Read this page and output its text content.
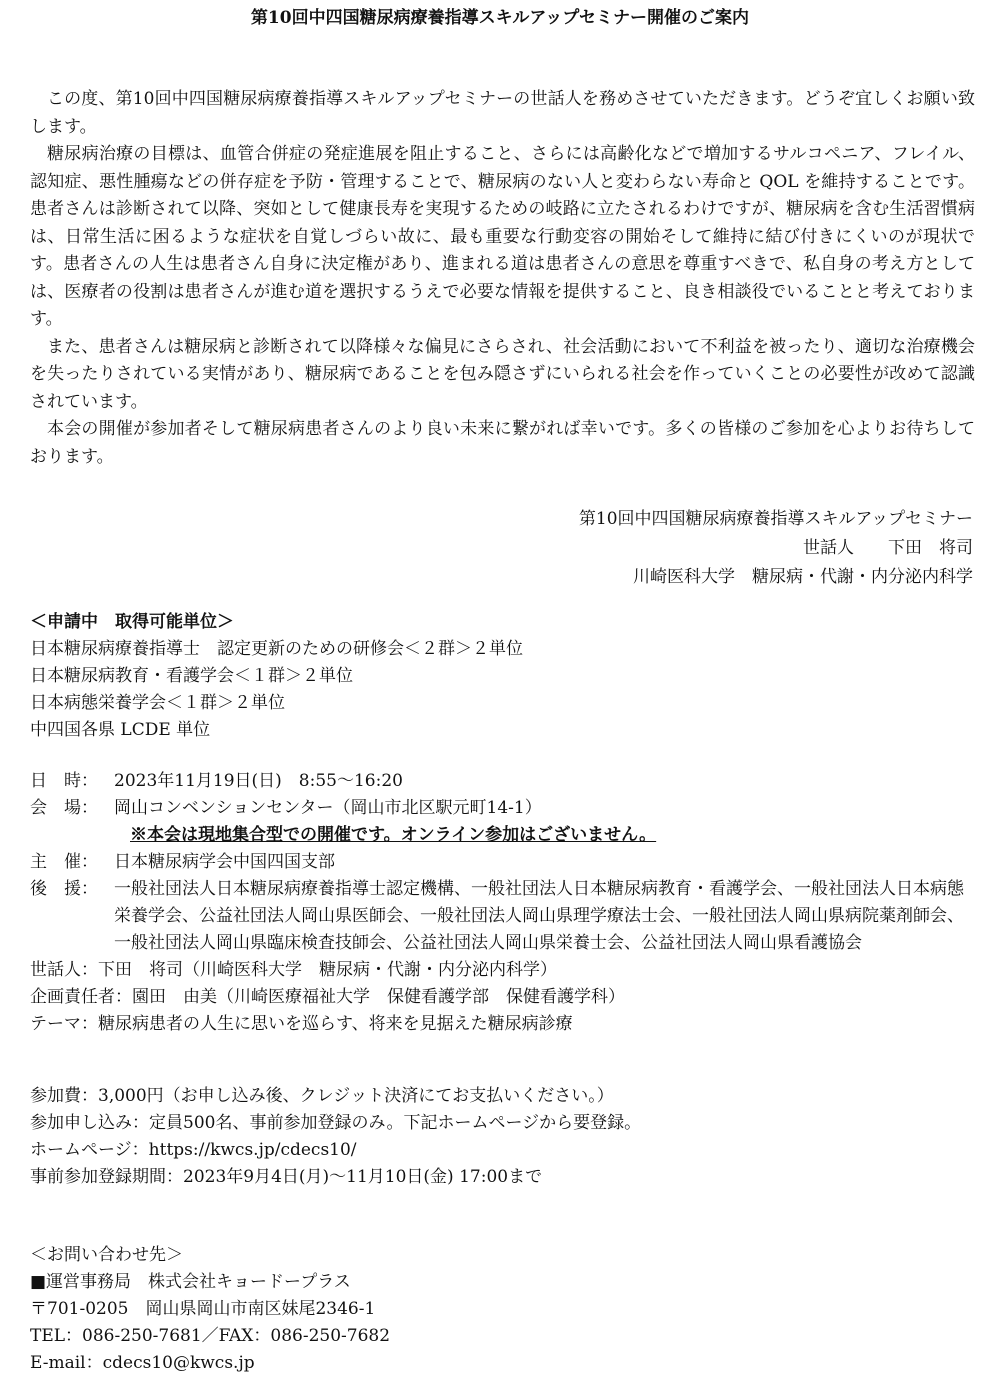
第10回中四国糖尿病療養指導スキルアップセミナー開催のご案内

この度、第10回中四国糖尿病療養指導スキルアップセミナーの世話人を務めさせていただきます。どうぞ宜しくお願い致します。

糖尿病治療の目標は、血管合併症の発症進展を阻止すること、さらには高齢化などで増加するサルコペニア、フレイル、認知症、悪性腫瘍などの併存症を予防・管理することで、糖尿病のない人と変わらない寿命と QOL を維持することです。患者さんは診断されて以降、突如として健康長寿を実現するための岐路に立たされるわけですが、糖尿病を含む生活習慣病は、日常生活に困るような症状を自覚しづらい故に、最も重要な行動変容の開始そして維持に結び付きにくいのが現状です。患者さんの人生は患者さん自身に決定権があり、進まれる道は患者さんの意思を尊重すべきで、私自身の考え方としては、医療者の役割は患者さんが進む道を選択するうえで必要な情報を提供すること、良き相談役でいることと考えております。

また、患者さんは糖尿病と診断されて以降様々な偏見にさらされ、社会活動において不利益を被ったり、適切な治療機会を失ったりされている実情があり、糖尿病であることを包み隠さずにいられる社会を作っていくことの必要性が改めて認識されています。

本会の開催が参加者そして糖尿病患者さんのより良い未来に繋がれば幸いです。多くの皆様のご参加を心よりお待ちしております。

第10回中四国糖尿病療養指導スキルアップセミナー
世話人　　下田　将司
川崎医科大学　糖尿病・代謝・内分泌内科学
＜申請中　取得可能単位＞
日本糖尿病療養指導士　認定更新のための研修会＜２群＞２単位
日本糖尿病教育・看護学会＜１群＞２単位
日本病態栄養学会＜１群＞２単位
中四国各県 LCDE 単位
日　時： 2023年11月19日(日)　8:55～16:20
会　場： 岡山コンベンションセンター（岡山市北区駅元町14-1）
※本会は現地集合型での開催です。オンライン参加はございません。
主　催： 日本糖尿病学会中国四国支部
後　援： 一般社団法人日本糖尿病療養指導士認定機構、一般社団法人日本糖尿病教育・看護学会、一般社団法人日本病態栄養学会、公益社団法人岡山県医師会、一般社団法人岡山県理学療法士会、一般社団法人岡山県病院薬剤師会、一般社団法人岡山県臨床検査技師会、公益社団法人岡山県栄養士会、公益社団法人岡山県看護協会
世話人： 下田　将司（川崎医科大学　糖尿病・代謝・内分泌内科学）
企画責任者： 園田　由美（川崎医療福祉大学　保健看護学部　保健看護学科）
テーマ： 糖尿病患者の人生に思いを巡らす、将来を見据えた糖尿病診療
参加費：3,000円（お申し込み後、クレジット決済にてお支払いください。）
参加申し込み：定員500名、事前参加登録のみ。下記ホームページから要登録。
ホームページ：https://kwcs.jp/cdecs10/
事前参加登録期間：2023年9月4日(月)～11月10日(金) 17:00まで
＜お問い合わせ先＞
■運営事務局　株式会社キョードープラス
〒701-0205　岡山県岡山市南区妹尾2346-1
TEL：086-250-7681／FAX：086-250-7682
E-mail：cdecs10@kwcs.jp
